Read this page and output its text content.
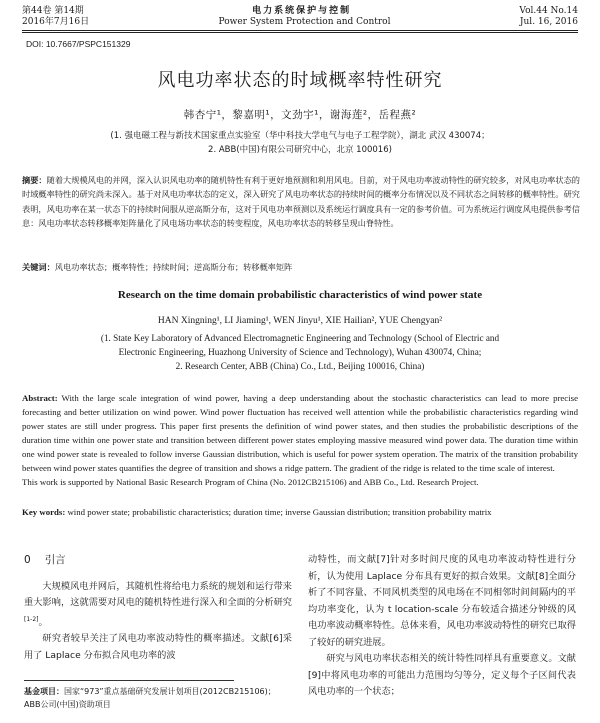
第44卷 第14期	电力系统保护与控制	Vol.44 No.14
2016年7月16日	Power System Protection and Control	Jul. 16, 2016
DOI: 10.7667/PSPC151329
风电功率状态的时域概率特性研究
韩杏宁¹，黎嘉明¹，文劲宇¹，谢海莲²，岳程燕²
(1. 强电磁工程与新技术国家重点实验室（华中科技大学电气与电子工程学院），湖北 武汉 430074；
2. ABB(中国)有限公司研究中心，北京 100016)
摘要：随着大规模风电的并网，深入认识风电功率的随机特性有利于更好地预测和利用风电。目前，对于风电功率波动特性的研究较多，对风电功率状态的时域概率特性的研究尚未深入。基于对风电功率状态的定义，深入研究了风电功率状态的持续时间的概率分布情况以及不同状态之间转移的概率特性。研究表明，风电功率在某一状态下的持续时间服从逆高斯分布，这对于风电功率预测以及系统运行调度具有一定的参考价值。可为系统运行调度风电提供参考信息：风电功率状态转移概率矩阵量化了风电场功率状态的转变程度，风电功率状态的转移呈现山脊特性。
关键词：风电功率状态；概率特性；持续时间；逆高斯分布；转移概率矩阵
Research on the time domain probabilistic characteristics of wind power state
HAN Xingning¹, LI Jiaming¹, WEN Jinyu¹, XIE Hailian², YUE Chengyan²
(1. State Key Laboratory of Advanced Electromagnetic Engineering and Technology (School of Electric and
Electronic Engineering, Huazhong University of Science and Technology), Wuhan 430074, China;
2. Research Center, ABB (China) Co., Ltd., Beijing 100016, China)
Abstract: With the large scale integration of wind power, having a deep understanding about the stochastic characteristics can lead to more precise forecasting and better utilization on wind power. Wind power fluctuation has received well attention while the probabilistic characteristics regarding wind power states are still under progress. This paper first presents the definition of wind power states, and then studies the probabilistic descriptions of the duration time within one power state and transition between different power states employing massive measured wind power data. The duration time within one wind power state is revealed to follow inverse Gaussian distribution, which is useful for power system operation. The matrix of the transition probability between wind power states quantifies the degree of transition and shows a ridge pattern. The gradient of the ridge is related to the time scale of interest.
This work is supported by National Basic Research Program of China (No. 2012CB215106) and ABB Co., Ltd. Research Project.
Key words: wind power state; probabilistic characteristics; duration time; inverse Gaussian distribution; transition probability matrix
0 引言

大规模风电并网后，其随机性将给电力系统的规划和运行带来重大影响，这就需要对风电的随机特性进行深入和全面的分析研究[1-2]。

研究者较早关注了风电功率波动特性的概率描述。文献[6]采用了 Laplace 分布拟合风电功率的波

动特性，而文献[7]针对多时间尺度的风电功率波动特性进行分析，认为使用 Laplace 分布具有更好的拟合效果。文献[8]全面分析了不同容量、不同风机类型的风电场在不同相邻时间间隔内的平均功率变化，认为 t location-scale 分布较适合描述分钟级的风电功率波动概率特性。总体来看，风电功率波动特性的研究已取得了较好的研究进展。

研究与风电功率状态相关的统计特性同样具有重要意义。文献[9]中将风电功率的可能出力范围均匀等分，定义每个子区间代表风电功率的一个状态；

基金项目：国家“973”重点基础研究发展计划项目(2012CB215106)；ABB公司(中国)资助项目
